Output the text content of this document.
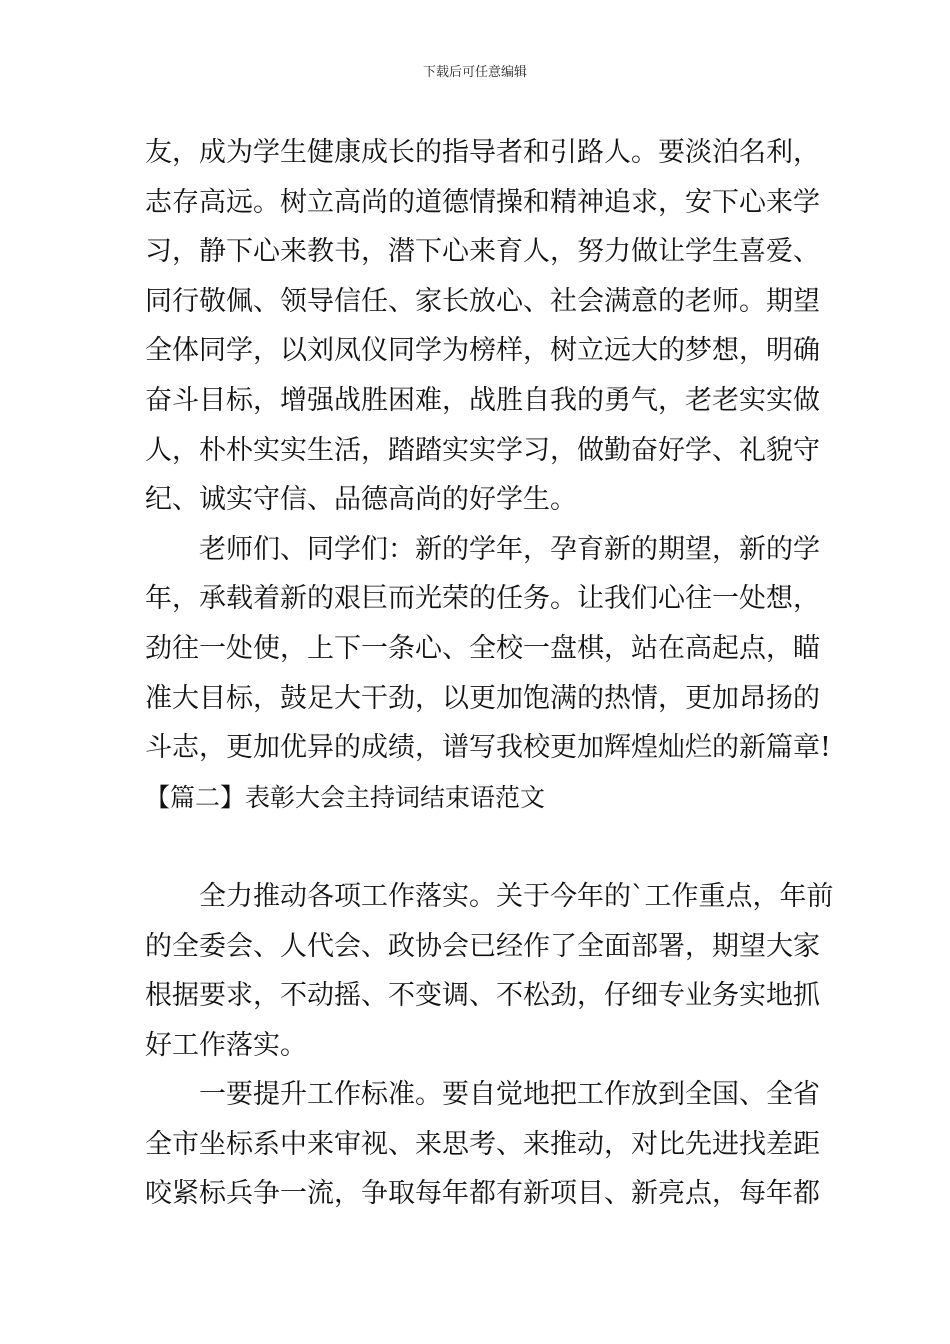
下载后可任意编辑
友，成为学生健康成长的指导者和引路人。要淡泊名利，
志存高远。树立高尚的道德情操和精神追求，安下心来学
习，静下心来教书，潜下心来育人，努力做让学生喜爱、
同行敬佩、领导信任、家长放心、社会满意的老师。期望
全体同学，以刘凤仪同学为榜样，树立远大的梦想，明确
奋斗目标，增强战胜困难，战胜自我的勇气，老老实实做
人，朴朴实实生活，踏踏实实学习，做勤奋好学、礼貌守
纪、诚实守信、品德高尚的好学生。
老师们、同学们：新的学年，孕育新的期望，新的学
年，承载着新的艰巨而光荣的任务。让我们心往一处想，
劲往一处使，上下一条心、全校一盘棋，站在高起点，瞄
准大目标，鼓足大干劲，以更加饱满的热情，更加昂扬的
斗志，更加优异的成绩，谱写我校更加辉煌灿烂的新篇章!
【篇二】表彰大会主持词结束语范文
全力推动各项工作落实。关于今年的`工作重点，年前
的全委会、人代会、政协会已经作了全面部署，期望大家
根据要求，不动摇、不变调、不松劲，仔细专业务实地抓
好工作落实。
一要提升工作标准。要自觉地把工作放到全国、全省
全市坐标系中来审视、来思考、来推动，对比先进找差距
咬紧标兵争一流，争取每年都有新项目、新亮点，每年都
